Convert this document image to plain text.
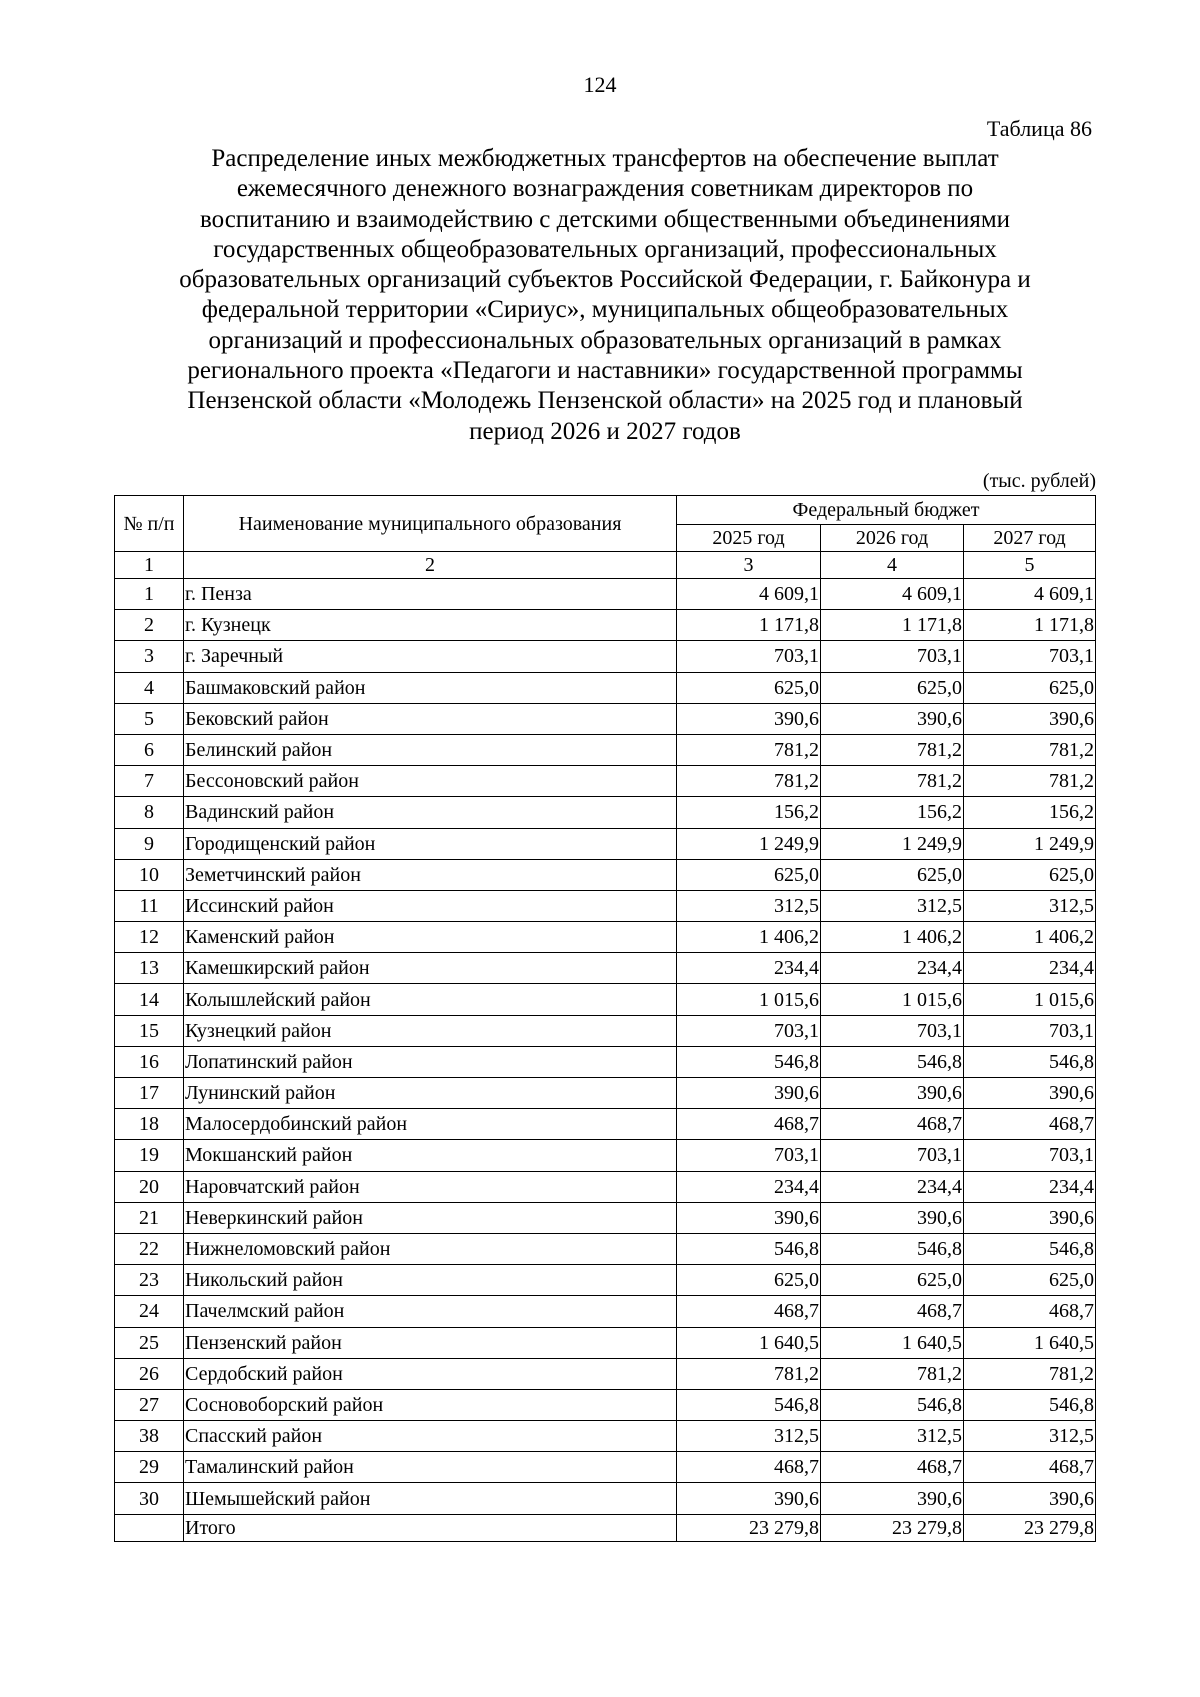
124
Таблица 86
Распределение иных межбюджетных трансфертов на обеспечение выплат
ежемесячного денежного вознаграждения советникам директоров по
воспитанию и взаимодействию с детскими общественными объединениями
государственных общеобразовательных организаций, профессиональных
образовательных организаций субъектов Российской Федерации, г. Байконура и
федеральной территории «Сириус», муниципальных общеобразовательных
организаций и профессиональных образовательных организаций в рамках
регионального проекта «Педагоги и наставники» государственной программы
Пензенской области «Молодежь Пензенской области» на 2025 год и плановый
период 2026 и 2027 годов
(тыс. рублей)
№ п/п	Наименование муниципального образования	Федеральный бюджет		
		2025 год	2026 год	2027 год
1	2	3	4	5
1	г. Пенза	4 609,1	4 609,1	4 609,1
2	г. Кузнецк	1 171,8	1 171,8	1 171,8
3	г. Заречный	703,1	703,1	703,1
4	Башмаковский район	625,0	625,0	625,0
5	Бековский район	390,6	390,6	390,6
6	Белинский район	781,2	781,2	781,2
7	Бессоновский район	781,2	781,2	781,2
8	Вадинский район	156,2	156,2	156,2
9	Городищенский район	1 249,9	1 249,9	1 249,9
10	Земетчинский район	625,0	625,0	625,0
11	Иссинский район	312,5	312,5	312,5
12	Каменский район	1 406,2	1 406,2	1 406,2
13	Камешкирский район	234,4	234,4	234,4
14	Колышлейский район	1 015,6	1 015,6	1 015,6
15	Кузнецкий район	703,1	703,1	703,1
16	Лопатинский район	546,8	546,8	546,8
17	Лунинский район	390,6	390,6	390,6
18	Малосердобинский район	468,7	468,7	468,7
19	Мокшанский район	703,1	703,1	703,1
20	Наровчатский район	234,4	234,4	234,4
21	Неверкинский район	390,6	390,6	390,6
22	Нижнеломовский район	546,8	546,8	546,8
23	Никольский район	625,0	625,0	625,0
24	Пачелмский район	468,7	468,7	468,7
25	Пензенский район	1 640,5	1 640,5	1 640,5
26	Сердобский район	781,2	781,2	781,2
27	Сосновоборский район	546,8	546,8	546,8
38	Спасский район	312,5	312,5	312,5
29	Тамалинский район	468,7	468,7	468,7
30	Шемышейский район	390,6	390,6	390,6
	Итого	23 279,8	23 279,8	23 279,8
